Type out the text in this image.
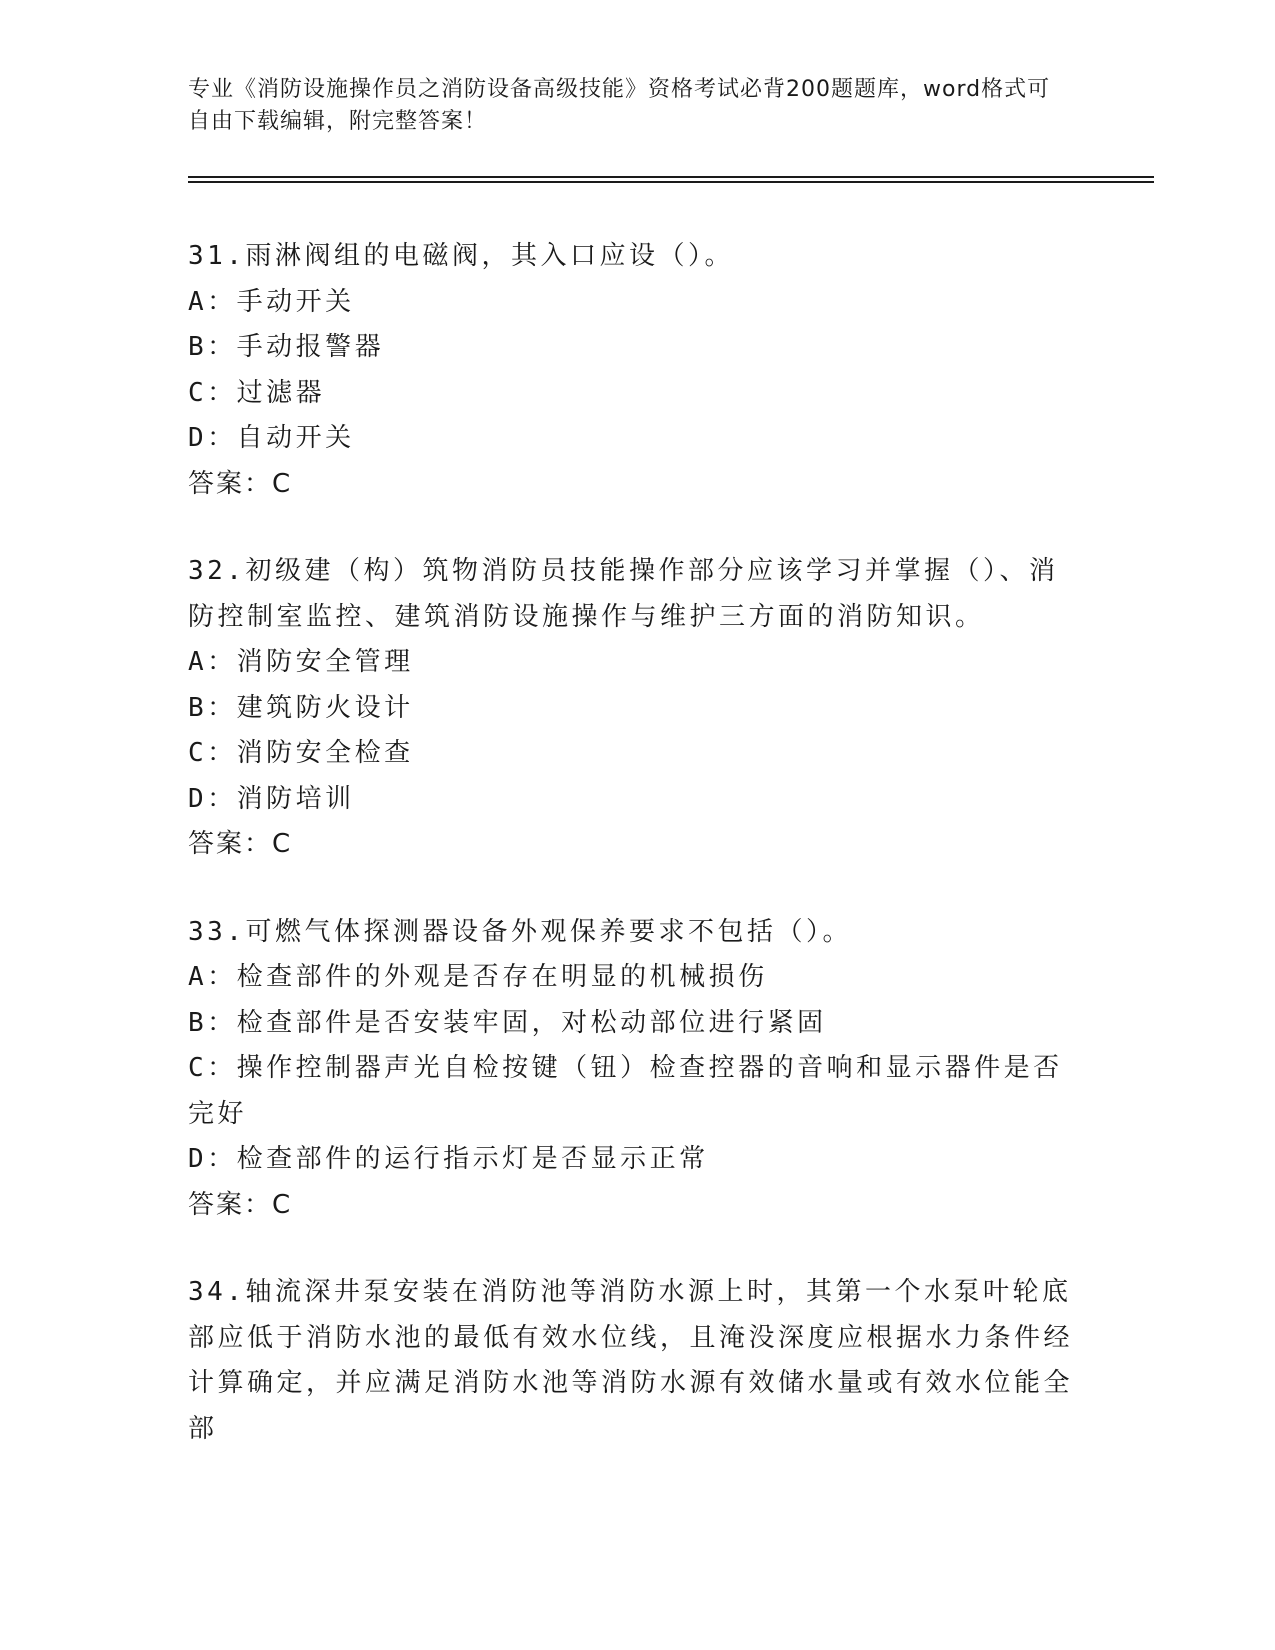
专业《消防设施操作员之消防设备高级技能》资格考试必背200题题库，word格式可自由下载编辑，附完整答案！
31.雨淋阀组的电磁阀，其入口应设（）。
A：手动开关
B：手动报警器
C：过滤器
D：自动开关
答案：C
32.初级建（构）筑物消防员技能操作部分应该学习并掌握（）、消防控制室监控、建筑消防设施操作与维护三方面的消防知识。
A：消防安全管理
B：建筑防火设计
C：消防安全检查
D：消防培训
答案：C
33.可燃气体探测器设备外观保养要求不包括（）。
A：检查部件的外观是否存在明显的机械损伤
B：检查部件是否安装牢固，对松动部位进行紧固
C：操作控制器声光自检按键（钮）检查控器的音响和显示器件是否完好
D：检查部件的运行指示灯是否显示正常
答案：C
34.轴流深井泵安装在消防池等消防水源上时，其第一个水泵叶轮底部应低于消防水池的最低有效水位线，且淹没深度应根据水力条件经计算确定，并应满足消防水池等消防水源有效储水量或有效水位能全部
